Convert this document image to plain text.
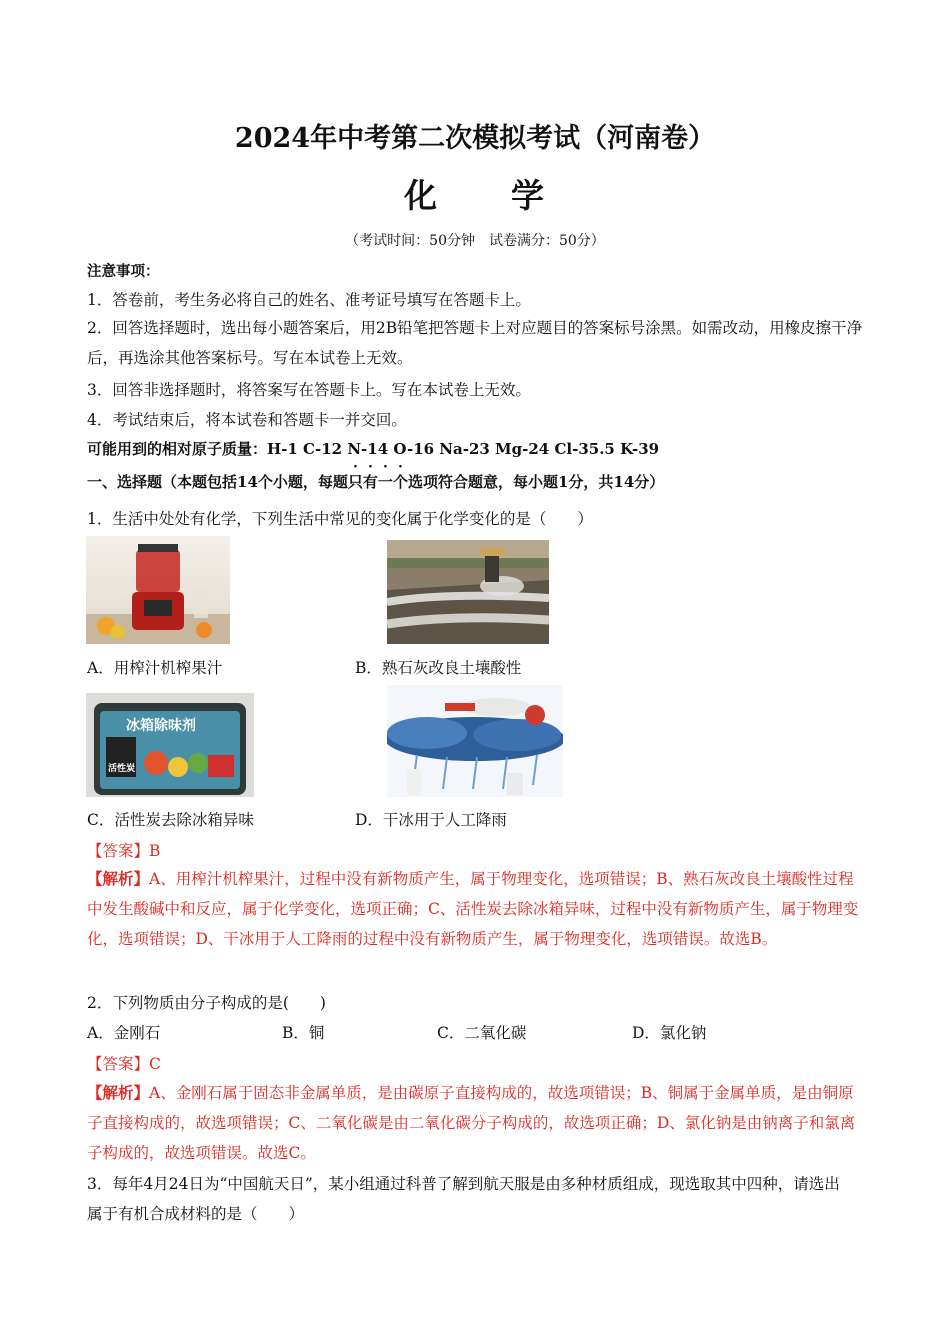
2024年中考第二次模拟考试（河南卷）
化 学
（考试时间：50分钟　试卷满分：50分）
注意事项：
1．答卷前，考生务必将自己的姓名、准考证号填写在答题卡上。
2．回答选择题时，选出每小题答案后，用2B铅笔把答题卡上对应题目的答案标号涂黑。如需改动，用橡皮擦干净后，再选涂其他答案标号。写在本试卷上无效。
3．回答非选择题时，将答案写在答题卡上。写在本试卷上无效。
4．考试结束后，将本试卷和答题卡一并交回。
可能用到的相对原子质量：H-1 C-12 N-14 O-16 Na-23 Mg-24 Cl-35.5 K-39
一、选择题（本题包括14个小题，每题只有一个选项符合题意，每小题1分，共14分）
1．生活中处处有化学，下列生活中常见的变化属于化学变化的是（　　）
A．用榨汁机榨果汁	B．熟石灰改良土壤酸性
冰箱除味剂
活性炭
C．活性炭去除冰箱异味	D．干冰用于人工降雨
【答案】B
【解析】A、用榨汁机榨果汁，过程中没有新物质产生，属于物理变化，选项错误；B、熟石灰改良土壤酸性过程中发生酸碱中和反应，属于化学变化，选项正确；C、活性炭去除冰箱异味，过程中没有新物质产生，属于物理变化，选项错误；D、干冰用于人工降雨的过程中没有新物质产生，属于物理变化，选项错误。故选B。
2．下列物质由分子构成的是(　　)
A．金刚石	B．铜	C．二氧化碳	D．氯化钠
【答案】C
【解析】A、金刚石属于固态非金属单质，是由碳原子直接构成的，故选项错误；B、铜属于金属单质，是由铜原子直接构成的，故选项错误；C、二氧化碳是由二氧化碳分子构成的，故选项正确；D、氯化钠是由钠离子和氯离子构成的，故选项错误。故选C。
3．每年4月24日为“中国航天日”，某小组通过科普了解到航天服是由多种材质组成，现选取其中四种，请选出属于有机合成材料的是（　　）
